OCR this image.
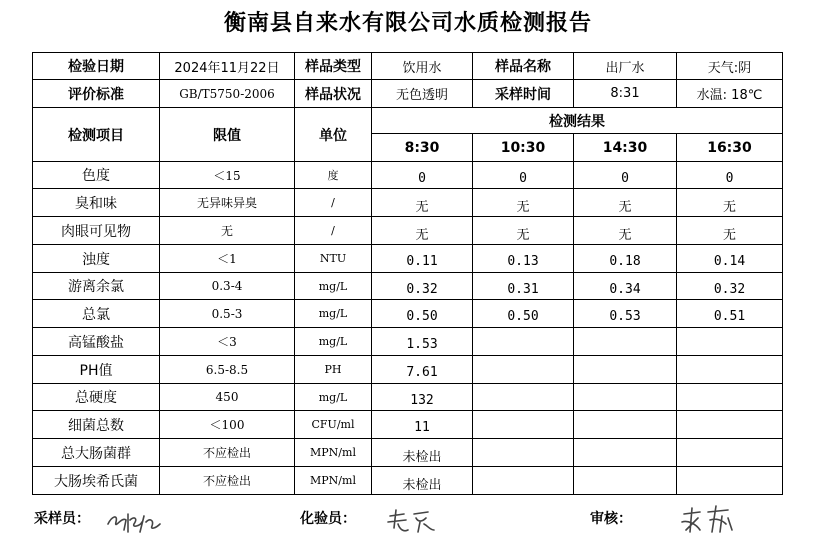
衡南县自来水有限公司水质检测报告
检验日期	2024年11月22日	样品类型	饮用水	样品名称	出厂水	天气:阴
评价标准	GB/T5750-2006	样品状况	无色透明	采样时间	8:31	水温: 18℃
检测项目	限值	单位	检测结果			
			8:30	10:30	14:30	16:30
色度	＜15	度	0	0	0	0
臭和味	无异味异臭	/	无	无	无	无
肉眼可见物	无	/	无	无	无	无
浊度	＜1	NTU	0.11	0.13	0.18	0.14
游离余氯	0.3-4	mg/L	0.32	0.31	0.34	0.32
总氯	0.5-3	mg/L	0.50	0.50	0.53	0.51
高锰酸盐	＜3	mg/L	1.53			
PH值	6.5-8.5	PH	7.61			
总硬度	450	mg/L	132			
细菌总数	＜100	CFU/ml	11			
总大肠菌群	不应检出	MPN/ml	未检出			
大肠埃希氏菌	不应检出	MPN/ml	未检出			
采样员：	化验员：	审核：
